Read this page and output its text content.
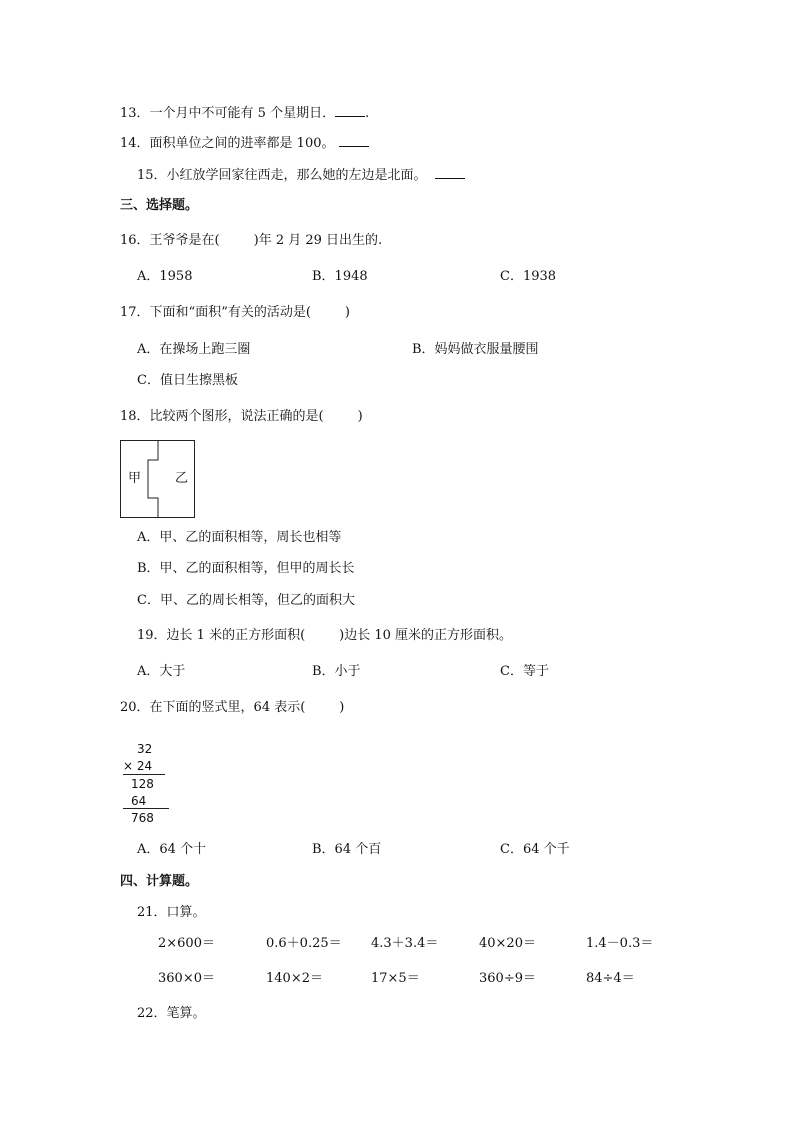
13．一个月中不可能有 5 个星期日． .
14．面积单位之间的进率都是 100。
15．小红放学回家往西走，那么她的左边是北面。
三、选择题。
16．王爷爷是在(	)年 2 月 29 日出生的.
A．1958	B．1948	C．1938
17．下面和“面积”有关的活动是(	)
A．在操场上跑三圈	B．妈妈做衣服量腰围
C．值日生擦黑板
18．比较两个图形，说法正确的是(	)
甲	乙
A．甲、乙的面积相等，周长也相等
B．甲、乙的面积相等，但甲的周长长
C．甲、乙的周长相等，但乙的面积大
19．边长 1 米的正方形面积(	)边长 10 厘米的正方形面积。
A．大于	B．小于	C．等于
20．在下面的竖式里，64 表示(	)
32
× 24
128
64
768
A．64 个十	B．64 个百	C．64 个千
四、计算题。
21．口算。
2×600＝	0.6＋0.25＝ 4.3＋3.4＝	40×20＝	1.4－0.3＝
360×0＝	140×2＝	17×5＝	360÷9＝	84÷4＝
22．笔算。
